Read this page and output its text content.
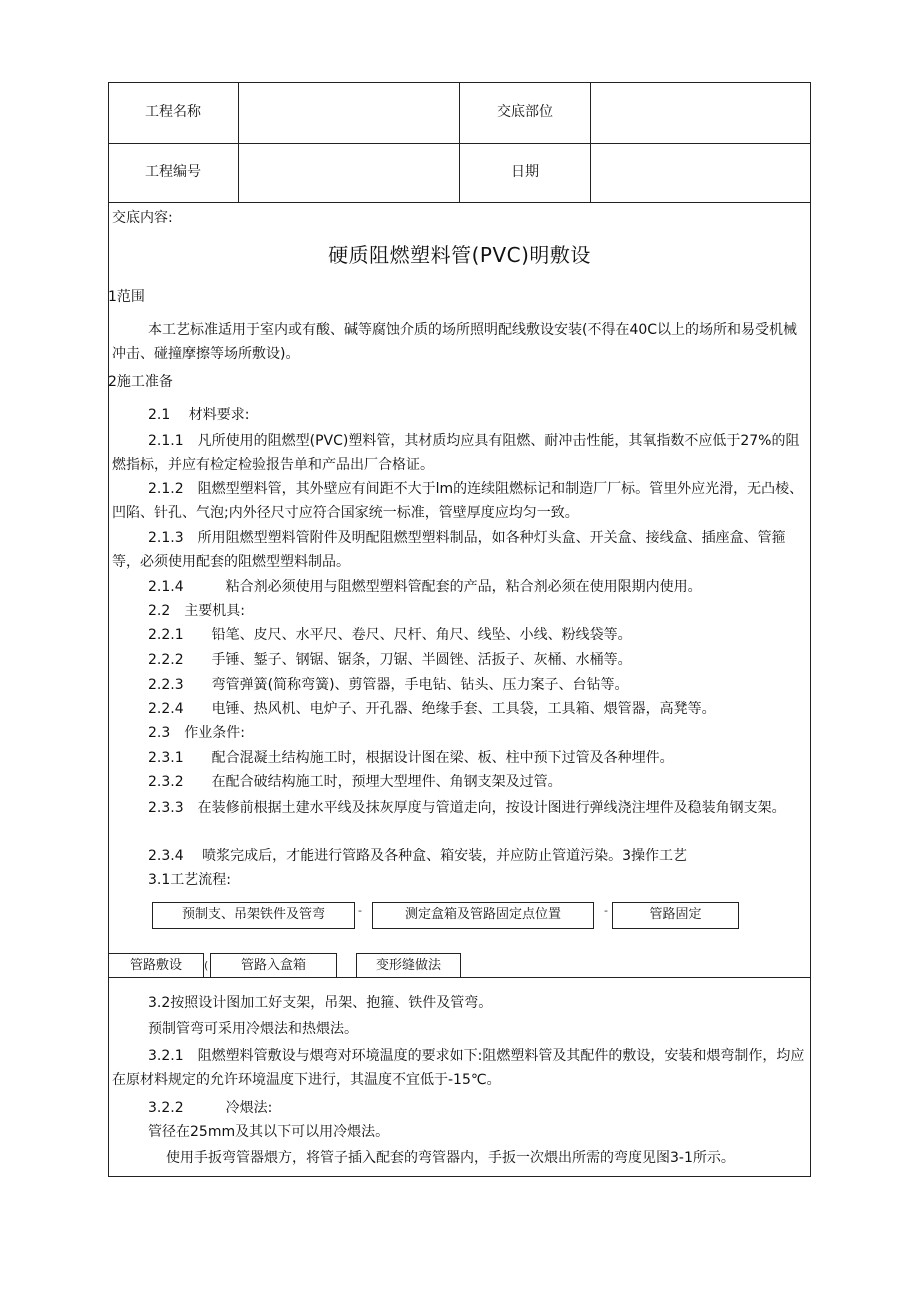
工程名称	交底部位
工程编号	日期
交底内容:
硬质阻燃塑料管(PVC)明敷设
1范围
本工艺标准适用于室内或有酸、碱等腐蚀介质的场所照明配线敷设安装(不得在40C以上的场所和易受机械冲击、碰撞摩擦等场所敷设)。
2施工准备
2.1　 材料要求:
2.1.1　凡所使用的阻燃型(PVC)塑料管，其材质均应具有阻燃、耐冲击性能，其氧指数不应低于27%的阻燃指标，并应有检定检验报告单和产品出厂合格证。
2.1.2　阻燃型塑料管，其外壁应有间距不大于lm的连续阻燃标记和制造厂厂标。管里外应光滑，无凸棱、凹陷、针孔、气泡;内外径尺寸应符合国家统一标准，管壁厚度应均匀一致。
2.1.3　所用阻燃型塑料管附件及明配阻燃型塑料制品，如各种灯头盒、开关盒、接线盒、插座盒、管箍等，必须使用配套的阻燃型塑料制品。
2.1.4　　　粘合剂必须使用与阻燃型塑料管配套的产品，粘合剂必须在使用限期内使用。
2.2　主要机具:
2.2.1　　铅笔、皮尺、水平尺、卷尺、尺杆、角尺、线坠、小线、粉线袋等。
2.2.2　　手锤、錾子、钢锯、锯条，刀锯、半圆锉、活扳子、灰桶、水桶等。
2.2.3　　弯管弹簧(简称弯簧)、剪管器，手电钻、钻头、压力案子、台钻等。
2.2.4　　电锤、热风机、电炉子、开孔器、绝缘手套、工具袋，工具箱、煨管器，高凳等。
2.3　作业条件:
2.3.1　　配合混凝土结构施工时，根据设计图在梁、板、柱中预下过管及各种埋件。
2.3.2　　在配合破结构施工时，预埋大型埋件、角钢支架及过管。
2.3.3　在装修前根据土建水平线及抹灰厚度与管道走向，按设计图进行弹线浇注埋件及稳装角钢支架。
2.3.4　 喷浆完成后，才能进行管路及各种盒、箱安装，并应防止管道污染。3操作工艺
3.1工艺流程:
预制支、吊架铁件及管弯	-	测定盒箱及管路固定点位置	-	管路固定
管路敷设	(	管路入盒箱	变形缝做法
3.2按照设计图加工好支架，吊架、抱箍、铁件及管弯。
预制管弯可采用冷煨法和热煨法。
3.2.1　阻燃塑料管敷设与煨弯对环境温度的要求如下:阻燃塑料管及其配件的敷设，安装和煨弯制作，均应在原材料规定的允许环境温度下进行，其温度不宜低于-15℃。
3.2.2　　　冷煨法:
管径在25mm及其以下可以用冷煨法。
使用手扳弯管器煨方，将管子插入配套的弯管器内，手扳一次煨出所需的弯度见图3-1所示。
